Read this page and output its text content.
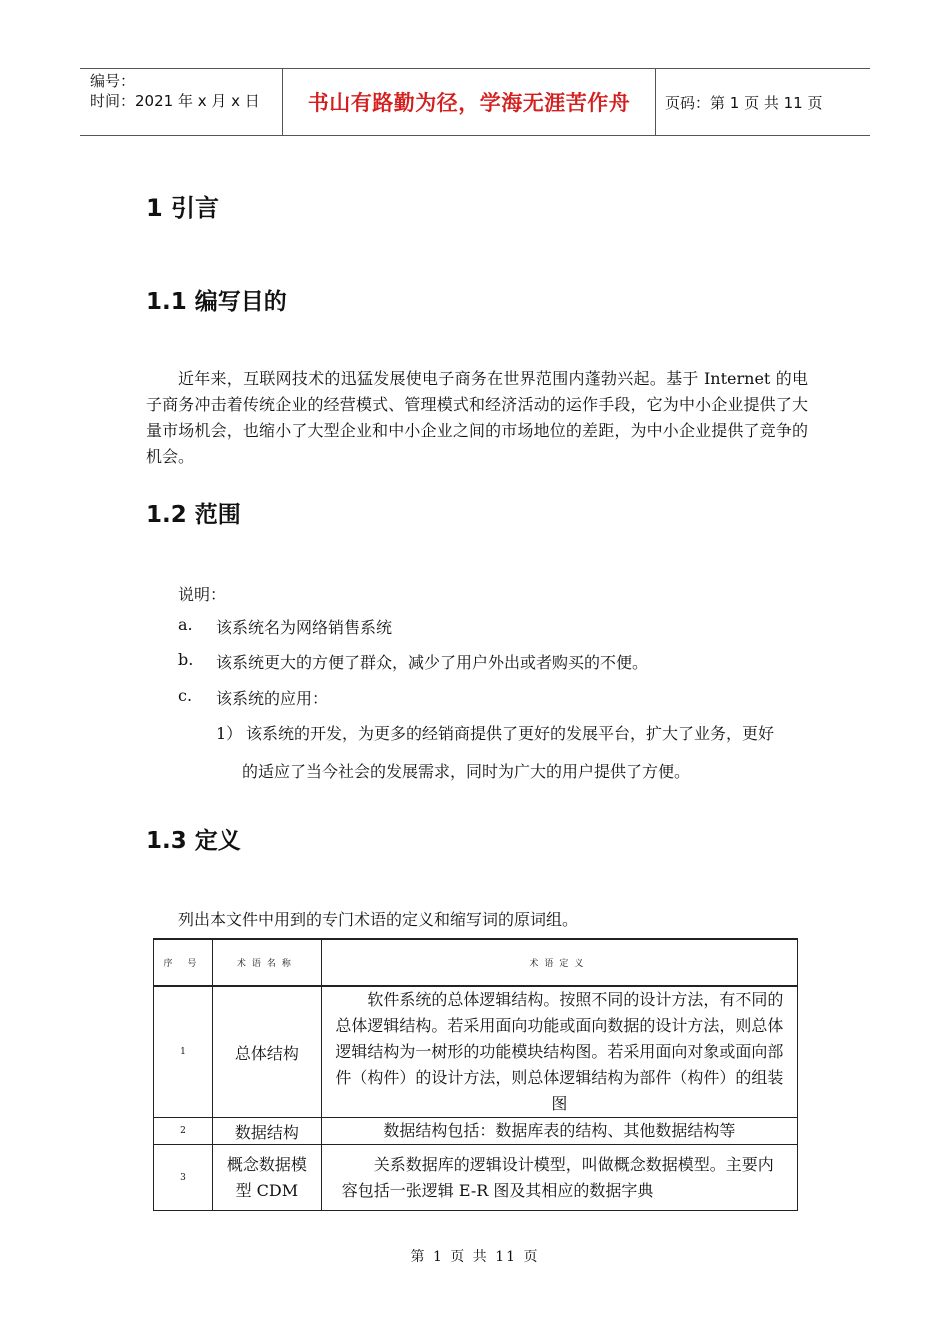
编号：
时间：2021 年 x 月 x 日	书山有路勤为径，学海无涯苦作舟 页码：第 1 页 共 11 页
1 引言
1.1 编写目的

近年来，互联网技术的迅猛发展使电子商务在世界范围内蓬勃兴起。基于 Internet 的电子商务冲击着传统企业的经营模式、管理模式和经济活动的运作手段，它为中小企业提供了大量市场机会，也缩小了大型企业和中小企业之间的市场地位的差距，为中小企业提供了竞争的机会。

1.2 范围

说明：

a. 该系统名为网络销售系统

b. 该系统更大的方便了群众，减少了用户外出或者购买的不便。

c. 该系统的应用：

1） 该系统的开发，为更多的经销商提供了更好的发展平台，扩大了业务，更好

的适应了当今社会的发展需求，同时为广大的用户提供了方便。

1.3 定义

列出本文件中用到的专门术语的定义和缩写词的原词组。

序 号	术语名称	术语定义
1	总体结构	软件系统的总体逻辑结构。按照不同的设计方法，有不同的总体逻辑结构。若采用面向功能或面向数据的设计方法，则总体逻辑结构为一树形的功能模块结构图。若采用面向对象或面向部件（构件）的设计方法，则总体逻辑结构为部件（构件）的组装图
2	数据结构	数据结构包括：数据库表的结构、其他数据结构等
3	概念数据模型 CDM	关系数据库的逻辑设计模型，叫做概念数据模型。主要内容包括一张逻辑 E-R 图及其相应的数据字典
第 1 页 共 11 页
